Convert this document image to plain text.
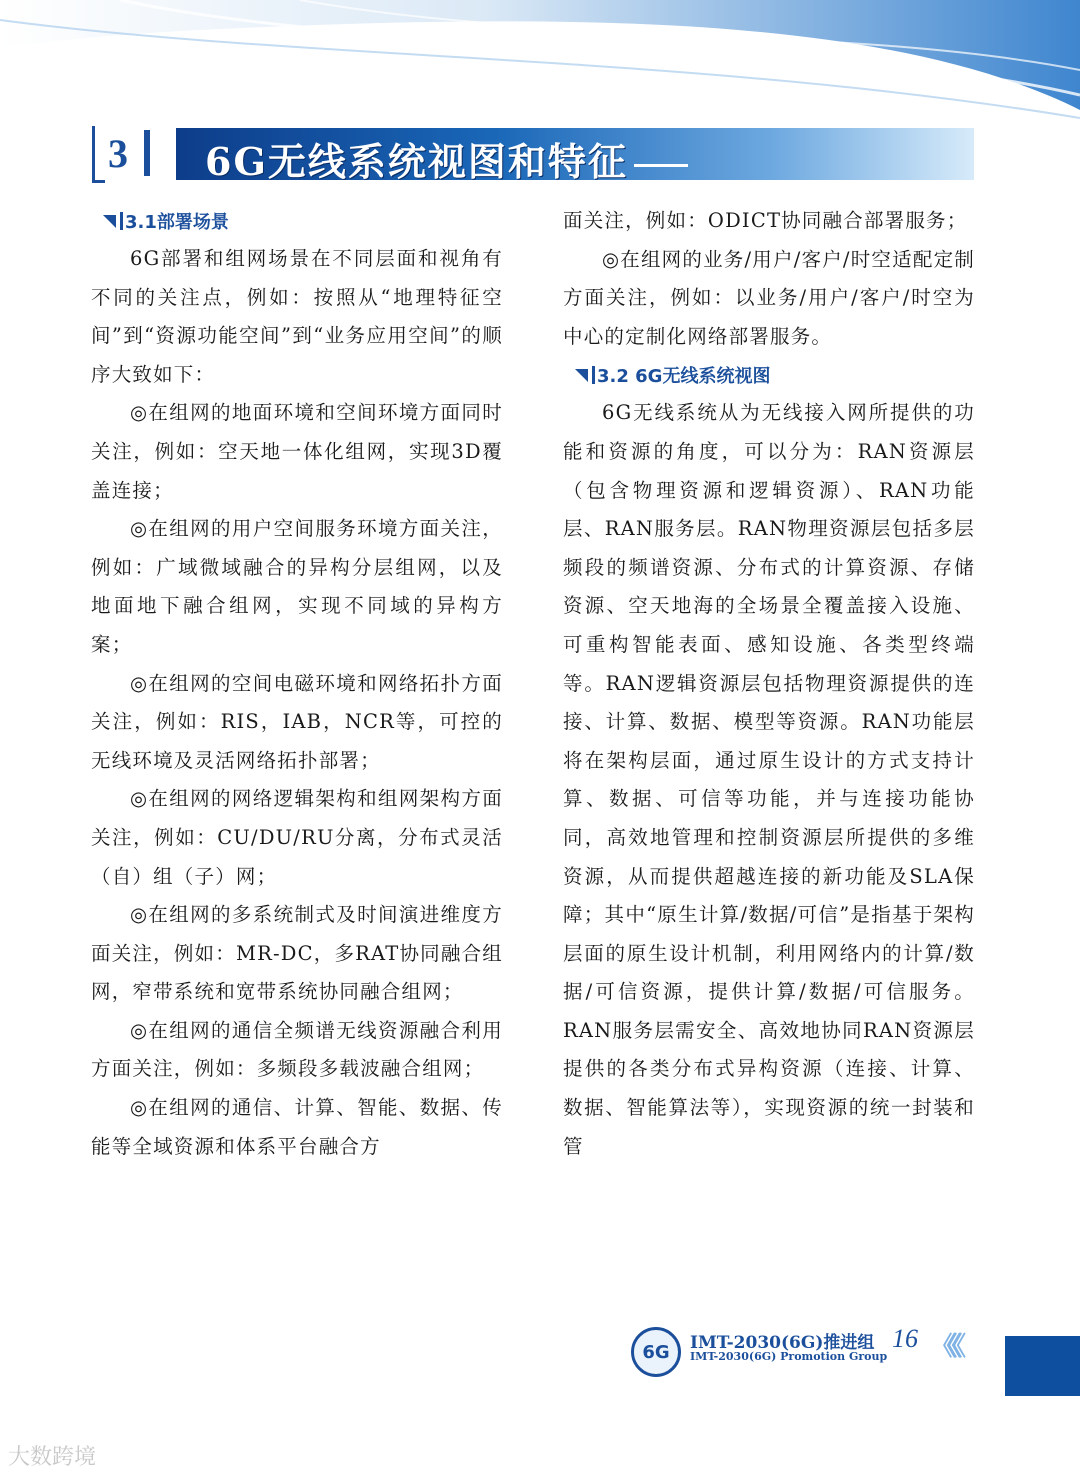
3 6G无线系统视图和特征
3.1部署场景

6G部署和组网场景在不同层面和视角有不同的关注点，例如：按照从“地理特征空间”到“资源功能空间”到“业务应用空间”的顺序大致如下：

◎在组网的地面环境和空间环境方面同时关注，例如：空天地一体化组网，实现3D覆盖连接；

◎在组网的用户空间服务环境方面关注，例如：广域微域融合的异构分层组网，以及地面地下融合组网，实现不同域的异构方案；

◎在组网的空间电磁环境和网络拓扑方面关注，例如：RIS，IAB，NCR等，可控的无线环境及灵活网络拓扑部署；

◎在组网的网络逻辑架构和组网架构方面关注，例如：CU/DU/RU分离，分布式灵活（自）组（子）网；

◎在组网的多系统制式及时间演进维度方面关注，例如：MR-DC，多RAT协同融合组网，窄带系统和宽带系统协同融合组网；

◎在组网的通信全频谱无线资源融合利用方面关注，例如：多频段多载波融合组网；

◎在组网的通信、计算、智能、数据、传能等全域资源和体系平台融合方

面关注，例如：ODICT协同融合部署服务；

◎在组网的业务/用户/客户/时空适配定制方面关注，例如：以业务/用户/客户/时空为中心的定制化网络部署服务。

3.2 6G无线系统视图

6G无线系统从为无线接入网所提供的功能和资源的角度，可以分为：RAN资源层（包含物理资源和逻辑资源）、RAN功能层、RAN服务层。RAN物理资源层包括多层频段的频谱资源、分布式的计算资源、存储资源、空天地海的全场景全覆盖接入设施、可重构智能表面、感知设施、各类型终端等。RAN逻辑资源层包括物理资源提供的连接、计算、数据、模型等资源。RAN功能层将在架构层面，通过原生设计的方式支持计算、数据、可信等功能，并与连接功能协同，高效地管理和控制资源层所提供的多维资源，从而提供超越连接的新功能及SLA保障；其中“原生计算/数据/可信”是指基于架构层面的原生设计机制，利用网络内的计算/数据/可信资源，提供计算/数据/可信服务。RAN服务层需安全、高效地协同RAN资源层提供的各类分布式异构资源（连接、计算、数据、智能算法等），实现资源的统一封装和管

6G IMT-2030(6G)推进组
IMT-2030(6G) Promotion Group
16 《《《
大数跨境
